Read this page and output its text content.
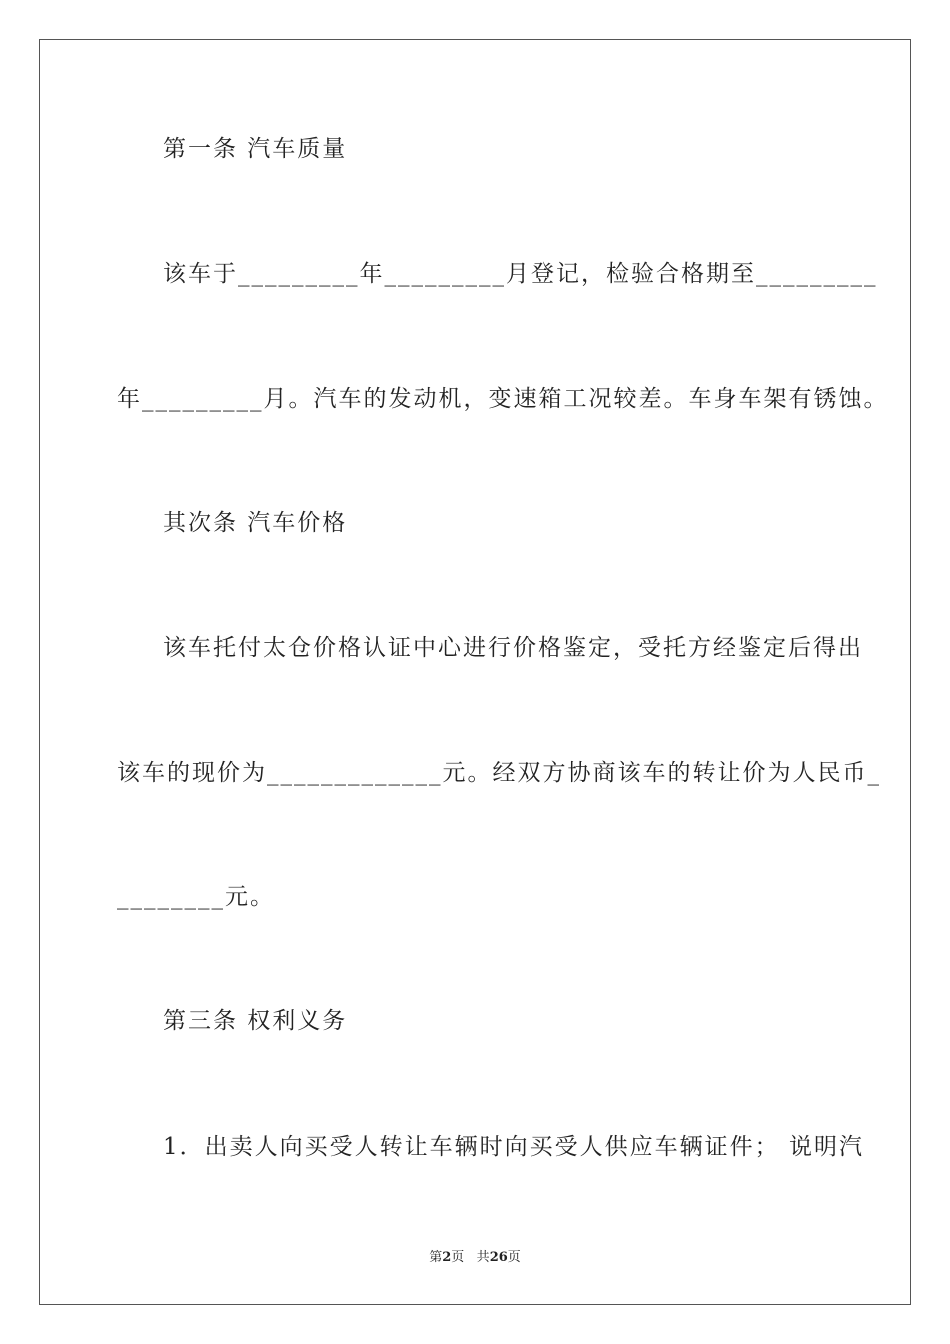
第一条 汽车质量
该车于_________年_________月登记，检验合格期至_________
年_________月。汽车的发动机，变速箱工况较差。车身车架有锈蚀。
其次条 汽车价格
该车托付太仓价格认证中心进行价格鉴定，受托方经鉴定后得出
该车的现价为_____________元。经双方协商该车的转让价为人民币_
________元。
第三条 权利义务
1．出卖人向买受人转让车辆时向买受人供应车辆证件； 说明汽
第2页 共26页
